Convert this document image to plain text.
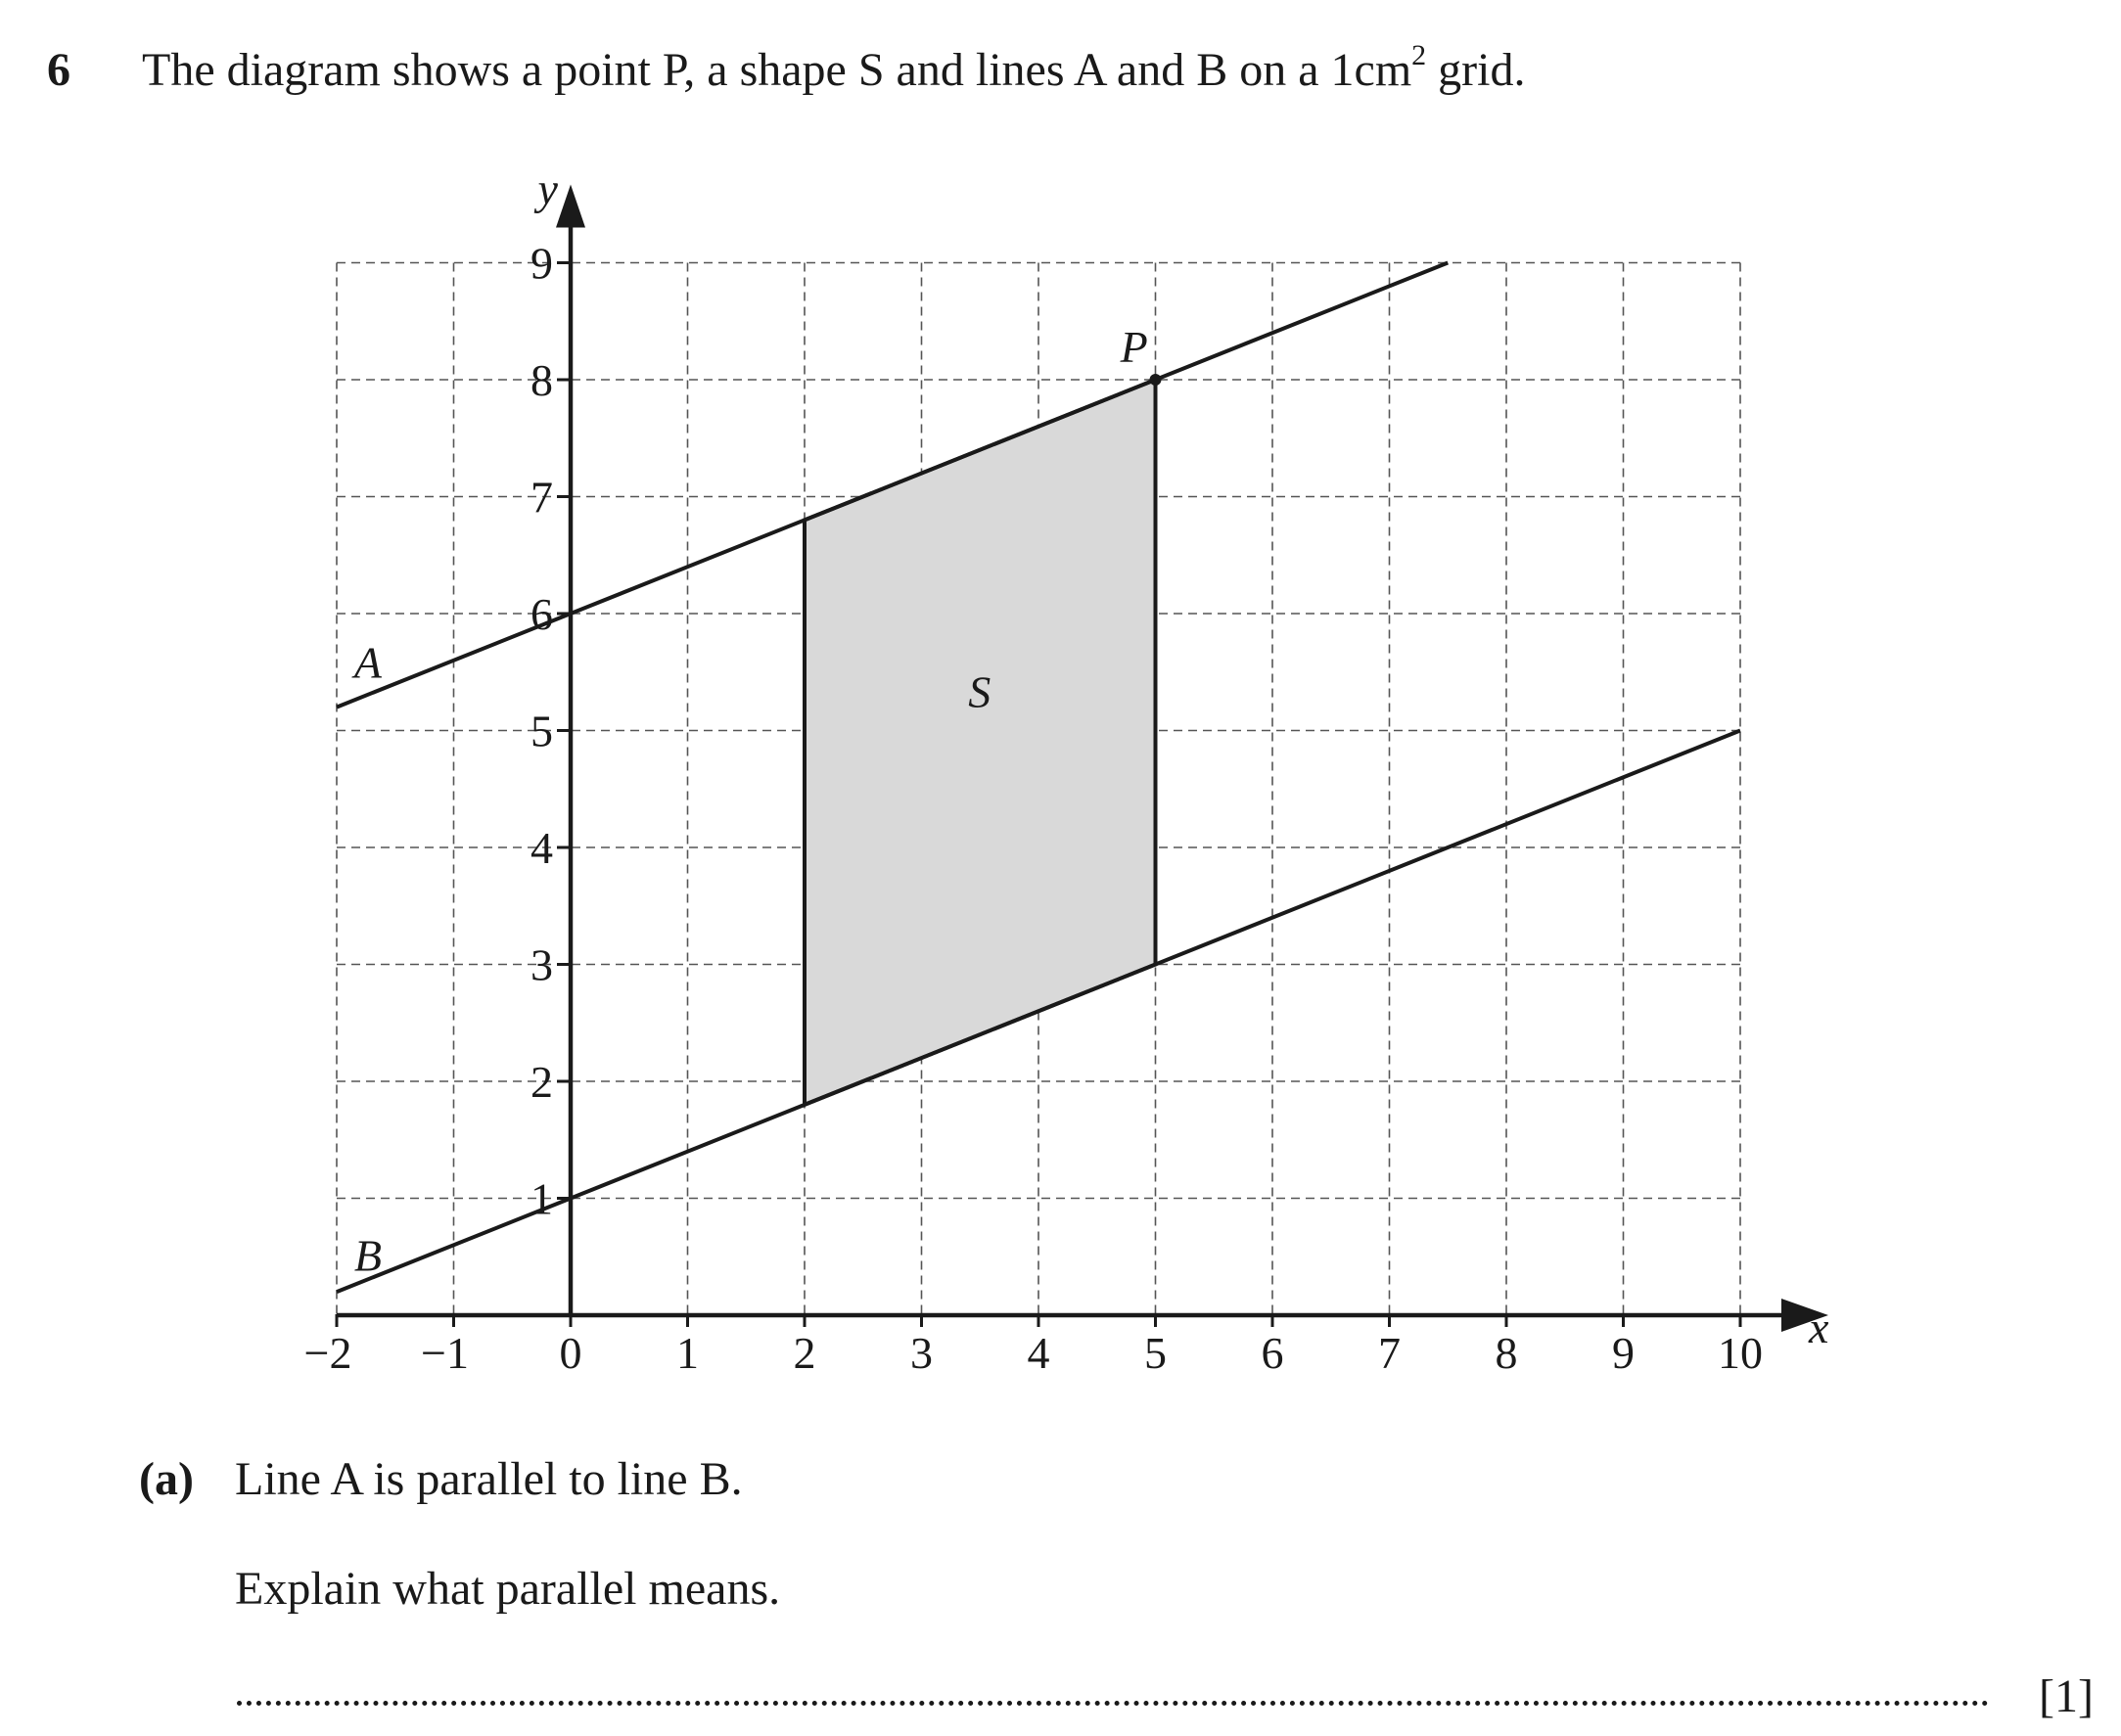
6 The diagram shows a point P, a shape S and lines A and B on a $1cm^2$ grid.
−2 −1 0 1 2 3 4 5 6 7 8 9 10
1
2
3
4
5
6
7
8
9
A
B
S
P
x
y
(a) Line A is parallel to line B.
Explain what parallel means.
[1]
